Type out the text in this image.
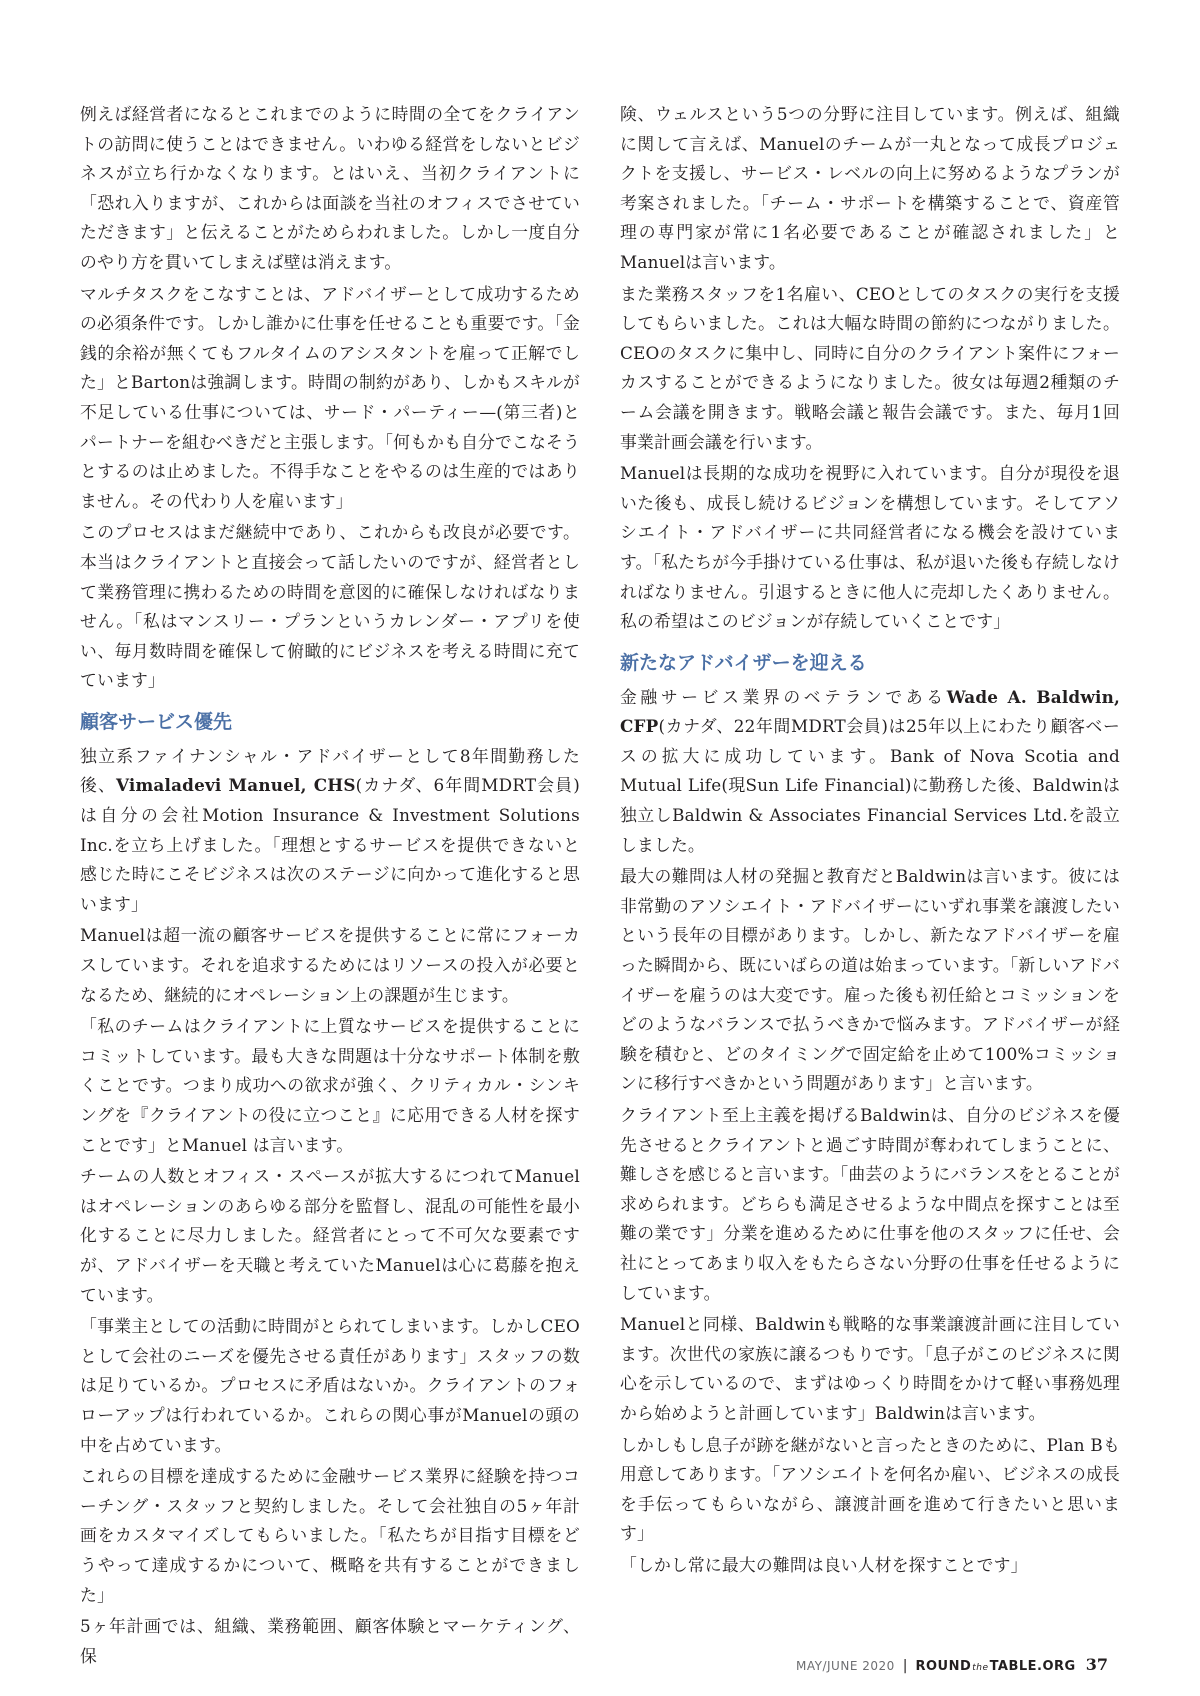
例えば経営者になるとこれまでのように時間の全てをクライアントの訪問に使うことはできません。いわゆる経営をしないとビジネスが立ち行かなくなります。とはいえ、当初クライアントに「恐れ入りますが、これからは面談を当社のオフィスでさせていただきます」と伝えることがためらわれました。しかし一度自分のやり方を貫いてしまえば壁は消えます。

マルチタスクをこなすことは、アドバイザーとして成功するための必須条件です。しかし誰かに仕事を任せることも重要です。「金銭的余裕が無くてもフルタイムのアシスタントを雇って正解でした」とBartonは強調します。時間の制約があり、しかもスキルが不足している仕事については、サード・パーティー—(第三者)とパートナーを組むべきだと主張します。「何もかも自分でこなそうとするのは止めました。不得手なことをやるのは生産的ではありません。その代わり人を雇います」

このプロセスはまだ継続中であり、これからも改良が必要です。本当はクライアントと直接会って話したいのですが、経営者として業務管理に携わるための時間を意図的に確保しなければなりません。「私はマンスリー・プランというカレンダー・アプリを使い、毎月数時間を確保して俯瞰的にビジネスを考える時間に充てています」

顧客サービス優先

独立系ファイナンシャル・アドバイザーとして8年間勤務した後、Vimaladevi Manuel, CHS(カナダ、6年間MDRT会員)は自分の会社Motion Insurance & Investment Solutions Inc.を立ち上げました。「理想とするサービスを提供できないと感じた時にこそビジネスは次のステージに向かって進化すると思います」

Manuelは超一流の顧客サービスを提供することに常にフォーカスしています。それを追求するためにはリソースの投入が必要となるため、継続的にオペレーション上の課題が生じます。

「私のチームはクライアントに上質なサービスを提供することにコミットしています。最も大きな問題は十分なサポート体制を敷くことです。つまり成功への欲求が強く、クリティカル・シンキングを『クライアントの役に立つこと』に応用できる人材を探すことです」とManuel は言います。

チームの人数とオフィス・スペースが拡大するにつれてManuelはオペレーションのあらゆる部分を監督し、混乱の可能性を最小化することに尽力しました。経営者にとって不可欠な要素ですが、アドバイザーを天職と考えていたManuelは心に葛藤を抱えています。

「事業主としての活動に時間がとられてしまいます。しかしCEOとして会社のニーズを優先させる責任があります」スタッフの数は足りているか。プロセスに矛盾はないか。クライアントのフォローアップは行われているか。これらの関心事がManuelの頭の中を占めています。

これらの目標を達成するために金融サービス業界に経験を持つコーチング・スタッフと契約しました。そして会社独自の5ヶ年計画をカスタマイズしてもらいました。「私たちが目指す目標をどうやって達成するかについて、概略を共有することができました」

5ヶ年計画では、組織、業務範囲、顧客体験とマーケティング、保

険、ウェルスという5つの分野に注目しています。例えば、組織に関して言えば、Manuelのチームが一丸となって成長プロジェクトを支援し、サービス・レベルの向上に努めるようなプランが考案されました。「チーム・サポートを構築することで、資産管理の専門家が常に1名必要であることが確認されました」とManuelは言います。

また業務スタッフを1名雇い、CEOとしてのタスクの実行を支援してもらいました。これは大幅な時間の節約につながりました。CEOのタスクに集中し、同時に自分のクライアント案件にフォーカスすることができるようになりました。彼女は毎週2種類のチーム会議を開きます。戦略会議と報告会議です。また、毎月1回事業計画会議を行います。

Manuelは長期的な成功を視野に入れています。自分が現役を退いた後も、成長し続けるビジョンを構想しています。そしてアソシエイト・アドバイザーに共同経営者になる機会を設けています。「私たちが今手掛けている仕事は、私が退いた後も存続しなければなりません。引退するときに他人に売却したくありません。私の希望はこのビジョンが存続していくことです」

新たなアドバイザーを迎える

金融サービス業界のベテランであるWade A. Baldwin, CFP(カナダ、22年間MDRT会員)は25年以上にわたり顧客ベースの拡大に成功しています。Bank of Nova Scotia and Mutual Life(現Sun Life Financial)に勤務した後、Baldwinは独立しBaldwin & Associates Financial Services Ltd.を設立しました。

最大の難問は人材の発掘と教育だとBaldwinは言います。彼には非常勤のアソシエイト・アドバイザーにいずれ事業を譲渡したいという長年の目標があります。しかし、新たなアドバイザーを雇った瞬間から、既にいばらの道は始まっています。「新しいアドバイザーを雇うのは大変です。雇った後も初任給とコミッションをどのようなバランスで払うべきかで悩みます。アドバイザーが経験を積むと、どのタイミングで固定給を止めて100%コミッションに移行すべきかという問題があります」と言います。

クライアント至上主義を掲げるBaldwinは、自分のビジネスを優先させるとクライアントと過ごす時間が奪われてしまうことに、難しさを感じると言います。「曲芸のようにバランスをとることが求められます。どちらも満足させるような中間点を探すことは至難の業です」分業を進めるために仕事を他のスタッフに任せ、会社にとってあまり収入をもたらさない分野の仕事を任せるようにしています。

Manuelと同様、Baldwinも戦略的な事業譲渡計画に注目しています。次世代の家族に譲るつもりです。「息子がこのビジネスに関心を示しているので、まずはゆっくり時間をかけて軽い事務処理から始めようと計画しています」Baldwinは言います。

しかしもし息子が跡を継がないと言ったときのために、Plan Bも用意してあります。「アソシエイトを何名か雇い、ビジネスの成長を手伝ってもらいながら、譲渡計画を進めて行きたいと思います」

「しかし常に最大の難問は良い人材を探すことです」

MAY/JUNE 2020 | ROUNDtheTABLE.ORG 37
